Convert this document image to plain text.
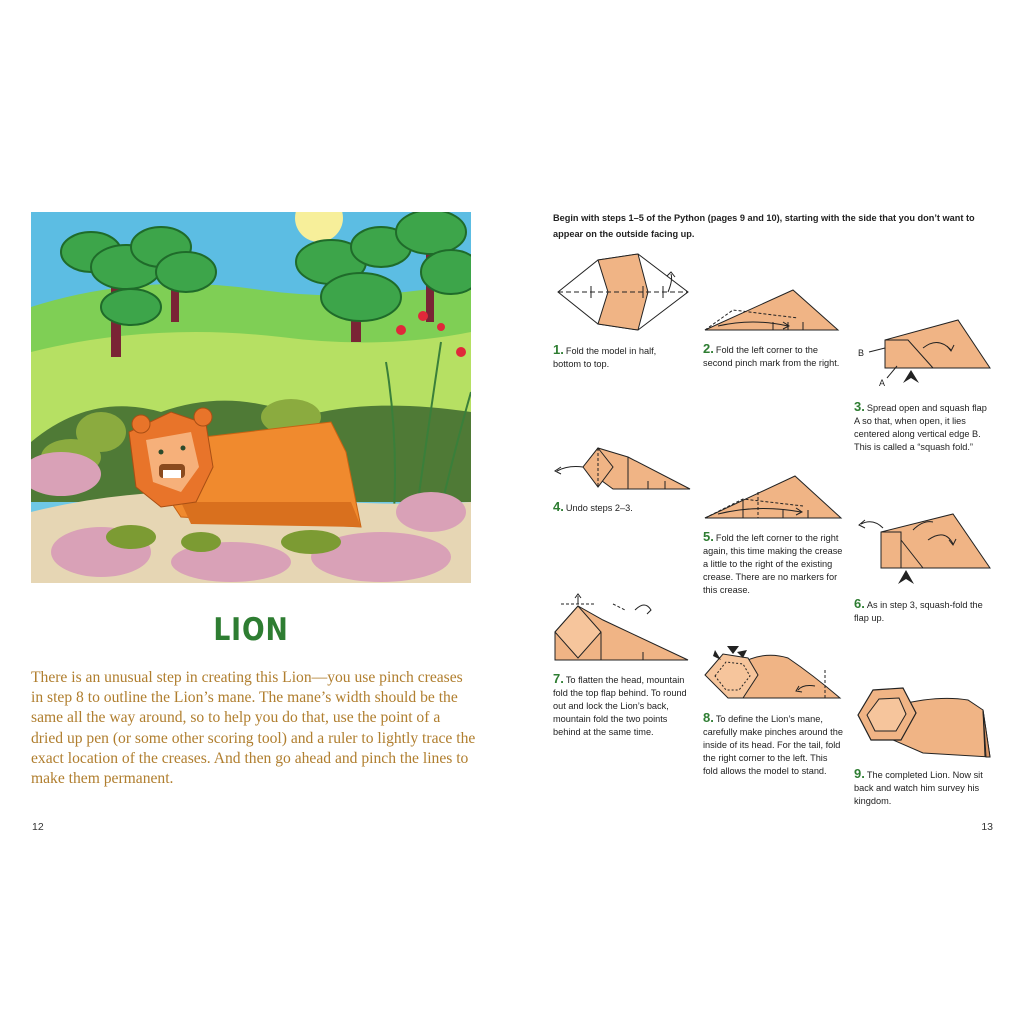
LION
There is an unusual step in creating this Lion—you use pinch creases in step 8 to outline the Lion’s mane. The mane’s width should be the same all the way around, so to help you do that, use the point of a dried up pen (or some other scoring tool) and a ruler to lightly trace the exact location of the creases. And then go ahead and pinch the lines to make them permanent.
12
Begin with steps 1–5 of the Python (pages 9 and 10), starting with the side that you don’t want to appear on the outside facing up.
1. Fold the model in half, bottom to top.
2. Fold the left corner to the second pinch mark from the right.
B
A
3. Spread open and squash flap A so that, when open, it lies centered along vertical edge B. This is called a “squash fold.”
4. Undo steps 2–3.
5. Fold the left corner to the right again, this time making the crease a little to the right of the existing crease. There are no markers for this crease.
6. As in step 3, squash-fold the flap up.
7. To flatten the head, mountain fold the top flap behind. To round out and lock the Lion’s back, mountain fold the two points behind at the same time.
8. To define the Lion’s mane, carefully make pinches around the inside of its head. For the tail, fold the right corner to the left. This fold allows the model to stand.	9. The completed Lion. Now sit back and watch him survey his kingdom.
13
